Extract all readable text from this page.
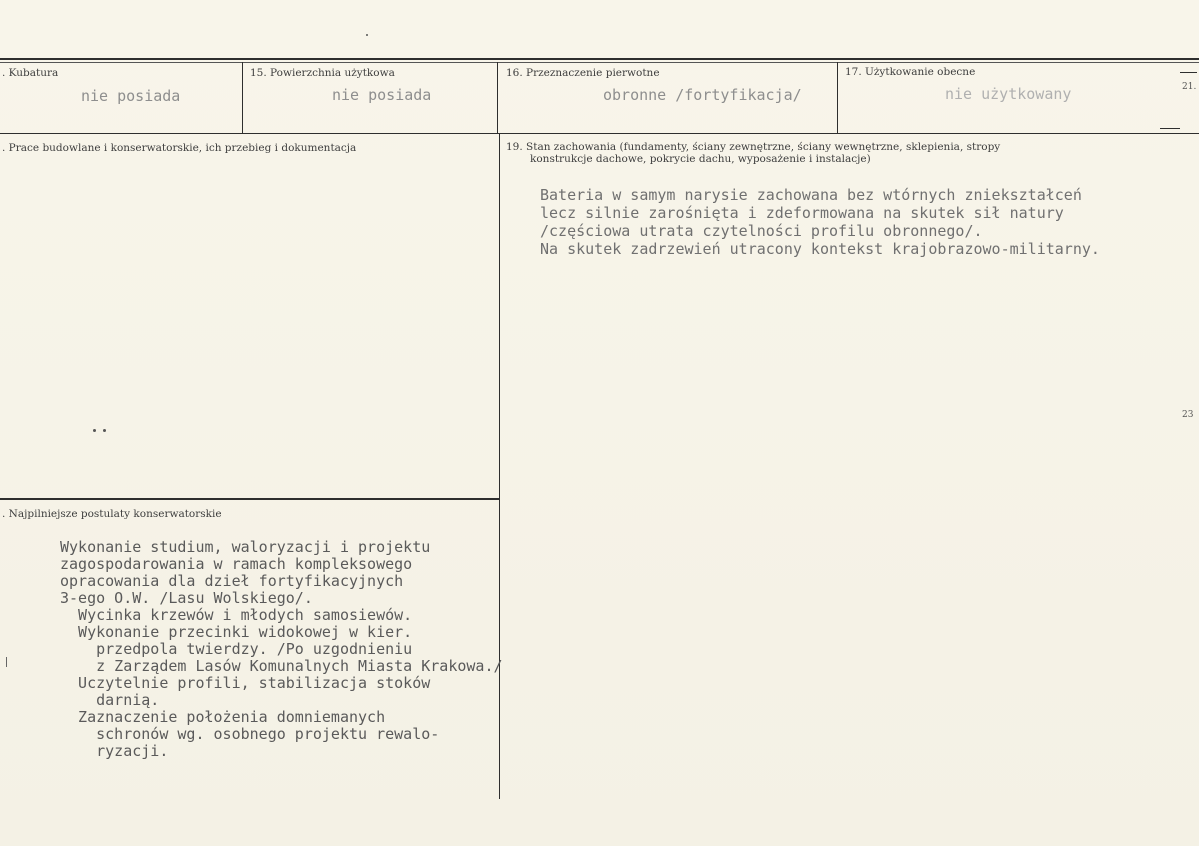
. Kubatura
nie posiada
15. Powierzchnia użytkowa
nie posiada
16. Przeznaczenie pierwotne
obronne /fortyfikacja/
17. Użytkowanie obecne
nie użytkowany	21.
23
. Prace budowlane i konserwatorskie, ich przebieg i dokumentacja	19. Stan zachowania (fundamenty, ściany zewnętrzne, ściany wewnętrzne, sklepienia, stropy
konstrukcje dachowe, pokrycie dachu, wyposażenie i instalacje)
Bateria w samym narysie zachowana bez wtórnych zniekształceń
lecz silnie zarośnięta i zdeformowana na skutek sił natury
/częściowa utrata czytelności profilu obronnego/.
Na skutek zadrzewień utracony kontekst krajobrazowo-militarny.
. Najpilniejsze postulaty konserwatorskie
Wykonanie studium, waloryzacji i projektu
zagospodarowania w ramach kompleksowego
opracowania dla dzieł fortyfikacyjnych
3-ego O.W. /Lasu Wolskiego/.
Wycinka krzewów i młodych samosiewów.
Wykonanie przecinki widokowej w kier.
przedpola twierdzy. /Po uzgodnieniu
z Zarządem Lasów Komunalnych Miasta Krakowa./
Uczytelnie profili, stabilizacja stoków
darnią.
Zaznaczenie położenia domniemanych
schronów wg. osobnego projektu rewalo-
ryzacji.
